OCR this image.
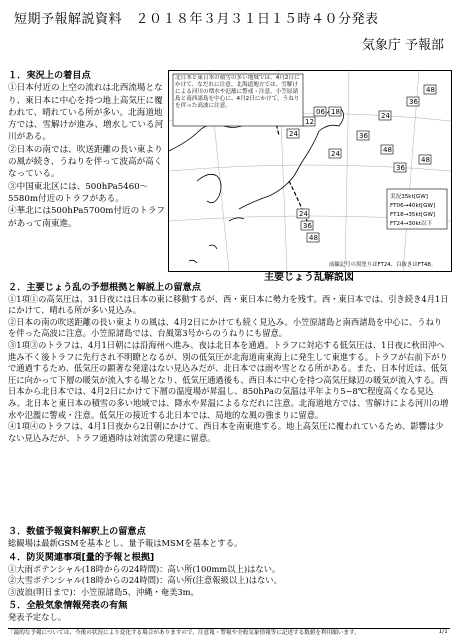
短期予報解説資料　２０１８年３月３１日１５時４０分発表
気象庁 予報部
１．実況上の着目点

①日本付近の上空の流れは北西流場となり、東日本に中心を持つ地上高気圧に覆われて、晴れている所が多い。北海道地方では、雪解けが進み、増水している河川がある。

②日本の南では、吹送距離の長い東よりの風が続き、うねりを伴って波高が高くなっている。

③中国東北区には、500hPa5460～5580m付近のトラフがある。

④華北には500hPa5700m付近のトラフがあって南東進。

24
12
06 18	24
36
48
24
36
48
24
36
48
36
48
北日本と東日本の積雪の多い地域では、4月2日にかけて、なだれに注意。北海道地方では、雪解けによる河川の増水や氾濫に警戒・注意。小笠原諸島と南西諸島を中心に、4月2日にかけて、うねりを伴った高波に注意。
実況35kt[GW]
FT06→40kt[GW]
FT18→35kt[GW]
FT24→30kt以下
前線記号の黒塗りはFT24、白抜きはFT48。
主要じょう乱解説図
２．主要じょう乱の予想根拠と解説上の留意点

①1項①の高気圧は、31日夜には日本の東に移動するが、西・東日本に勢力を残す。西・東日本では、引き続き4月1日にかけて、晴れる所が多い見込み。

②日本の南の吹送距離の長い東よりの風は、4月2日にかけても続く見込み。小笠原諸島と南西諸島を中心に、うねりを伴った高波に注意。小笠原諸島では、台風第3号からのうねりにも留意。

③1項③のトラフは、4月1日朝には沿海州へ進み、夜は北日本を通過。トラフに対応する低気圧は、1日夜に秋田沖へ進み不く後トラフに先行され不明瞭となるが、別の低気圧が北海道南東海上に発生して東進する。トラフが右前下がりで通過するため、低気圧の顕著な発達はない見込みだが、北日本では雨や雪となる所がある。また、日本付近は、低気圧に向かって下層の暖気が流入する場となり、低気圧通過後も、西日本に中心を持つ高気圧縁辺の暖気が流入する。西日本から北日本では、4月2日にかけて下層の温度場が昇温し、850hPaの気温は平年より5~8℃程度高くなる見込み。北日本と東日本の積雪の多い地域では、降水や昇温によるなだれに注意。北海道地方では、雪解けによる河川の増水や氾濫に警戒・注意。低気圧の接近する北日本では、局地的な風の強まりに留意。

④1項④のトラフは、4月1日夜から2日朝にかけて、西日本を南東進する。地上高気圧に覆われているため、影響は少ない見込みだが、トラフ通過時は対流雲の発達に留意。

３．数値予報資料解釈上の留意点

総観場は最新GSMを基本とし、量予報はMSMを基本とする。

４．防災関連事項[量的予報と根拠]

①大雨ポテンシャル(18時からの24時間)：高い所(100mm以上)はない。

②大雪ポテンシャル(18時からの24時間)：高い所(注意報級以上)はない。

③波浪(明日まで)：小笠原諸島5、沖縄・奄美3m。

５．全般気象情報発表の有無

発表予定なし。

「最的な予報については、今後の状況により変化する場合がありますので、注意報・警報や全般気象情報等に記述する数値を利用願います。	1/1
